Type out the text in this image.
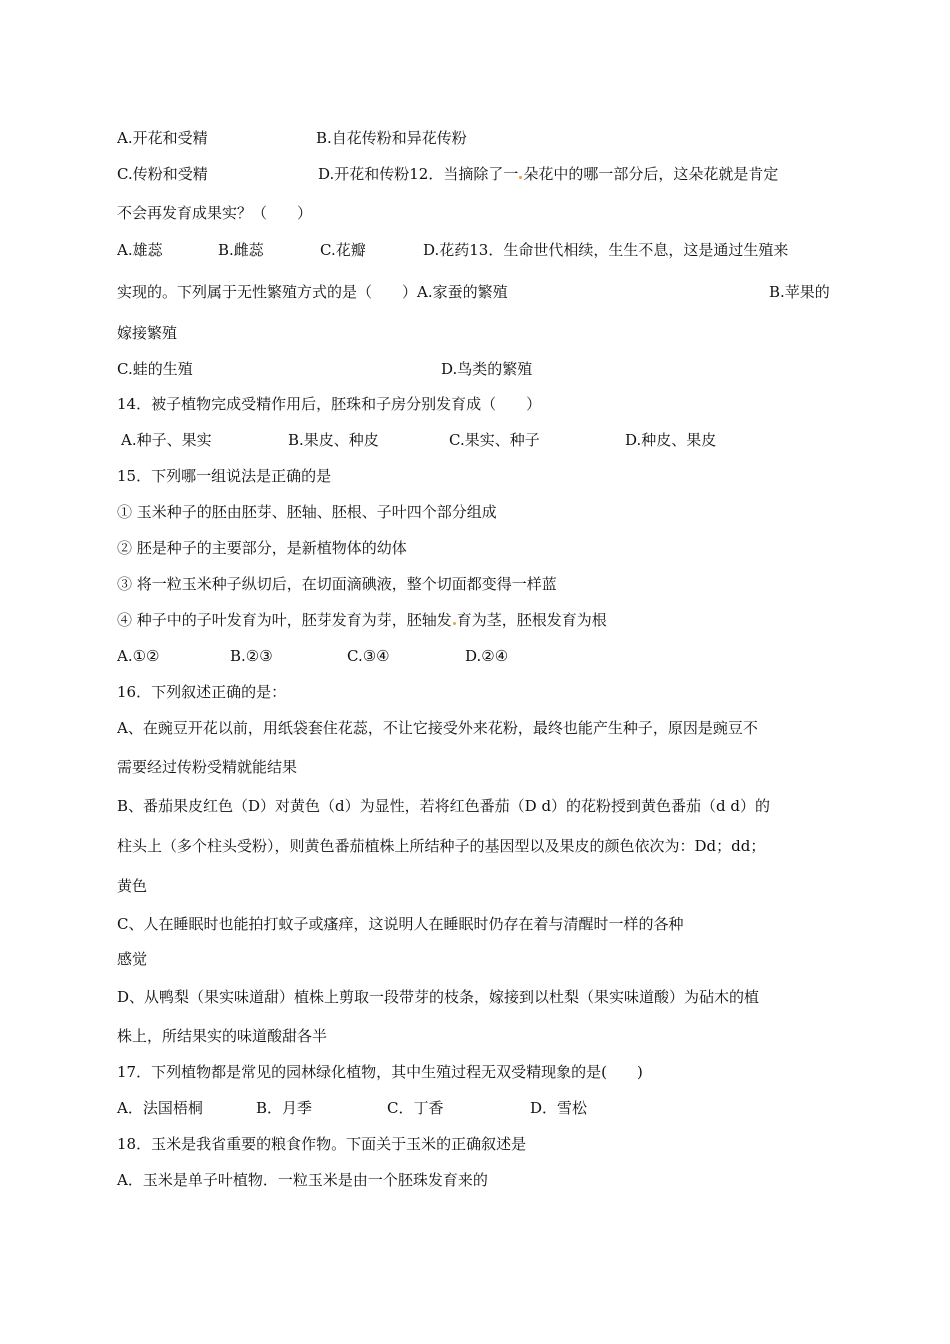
A.开花和受精	B.自花传粉和异花传粉
C.传粉和受精	D.开花和传粉12．当摘除了一 朵花中的哪一部分后，这朵花就是肯定
不会再发育成果实？（　　）
A.雄蕊	B.雌蕊	C.花瓣	D.花药13．生命世代相续，生生不息，这是通过生殖来
实现的。下列属于无性繁殖方式的是（　　）A.家蚕的繁殖	B.苹果的
嫁接繁殖
C.蛙的生殖	D.鸟类的繁殖
14．被子植物完成受精作用后，胚珠和子房分别发育成（　　）
A.种子、果实	B.果皮、种皮	C.果实、种子	D.种皮、果皮
15．下列哪一组说法是正确的是
① 玉米种子的胚由胚芽、胚轴、胚根、子叶四个部分组成
② 胚是种子的主要部分，是新植物体的幼体
③ 将一粒玉米种子纵切后，在切面滴碘液，整个切面都变得一样蓝
④ 种子中的子叶发育为叶，胚芽发育为芽，胚轴发 育为茎，胚根发育为根
A.①②	B.②③	C.③④	D.②④
16．下列叙述正确的是：
A、在豌豆开花以前，用纸袋套住花蕊，不让它接受外来花粉，最终也能产生种子，原因是豌豆不
需要经过传粉受精就能结果
B、番茄果皮红色（D）对黄色（d）为显性，若将红色番茄（D d）的花粉授到黄色番茄（d d）的
柱头上（多个柱头受粉），则黄色番茄植株上所结种子的基因型以及果皮的颜色依次为：Dd；dd；
黄色
C、人在睡眠时也能拍打蚊子或瘙痒，这说明人在睡眠时仍存在着与清醒时一样的各种
感觉
D、从鸭梨（果实味道甜）植株上剪取一段带芽的枝条，嫁接到以杜梨（果实味道酸）为砧木的植
株上，所结果实的味道酸甜各半
17．下列植物都是常见的园林绿化植物，其中生殖过程无双受精现象的是(　　)
A．法国梧桐	B．月季	C．丁香	D．雪松
18．玉米是我省重要的粮食作物。下面关于玉米的正确叙述是
A．玉米是单子叶植物．一粒玉米是由一个胚珠发育来的
